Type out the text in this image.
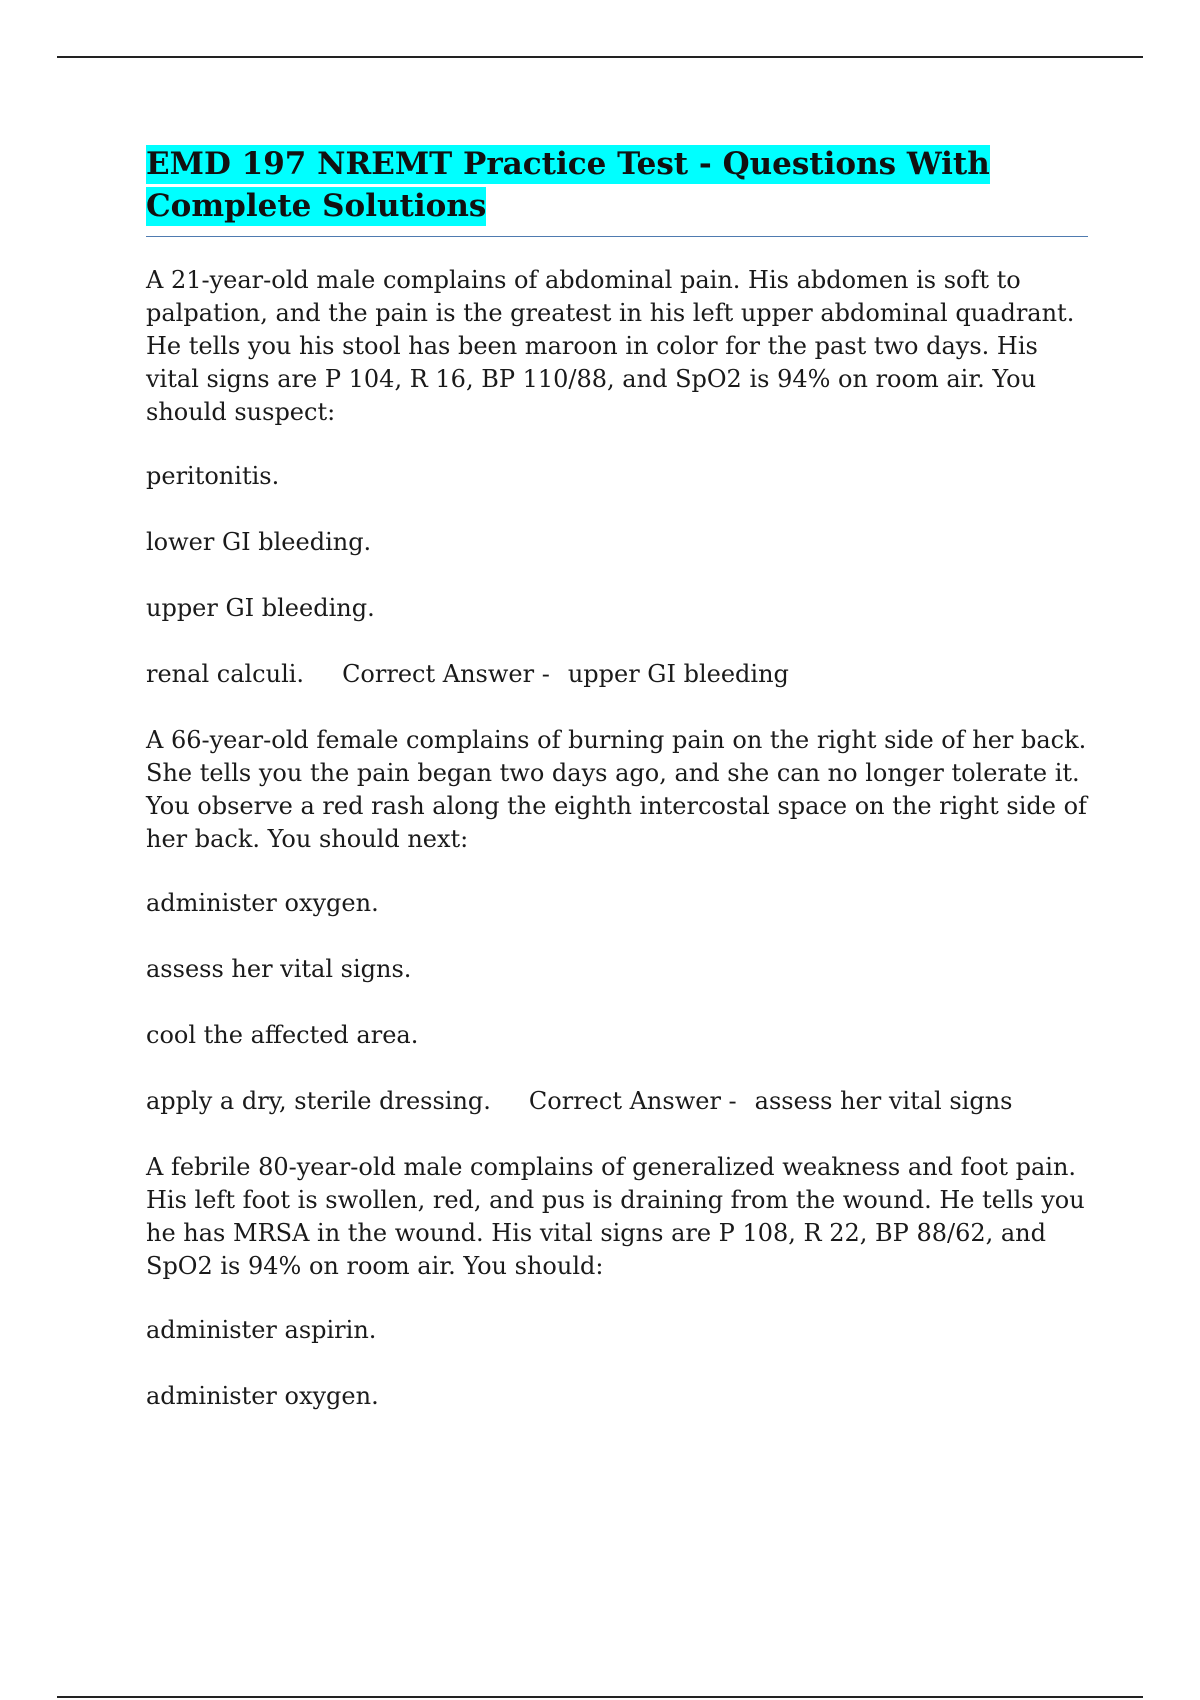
EMD 197 NREMT Practice Test - Questions With Complete Solutions

A 21-year-old male complains of abdominal pain. His abdomen is soft to palpation, and the pain is the greatest in his left upper abdominal quadrant. He tells you his stool has been maroon in color for the past two days. His vital signs are P 104, R 16, BP 110/88, and SpO2 is 94% on room air. You should suspect:

peritonitis.

lower GI bleeding.

upper GI bleeding.

renal calculi. Correct Answer - upper GI bleeding

A 66-year-old female complains of burning pain on the right side of her back. She tells you the pain began two days ago, and she can no longer tolerate it. You observe a red rash along the eighth intercostal space on the right side of her back. You should next:

administer oxygen.

assess her vital signs.

cool the affected area.

apply a dry, sterile dressing. Correct Answer - assess her vital signs

A febrile 80-year-old male complains of generalized weakness and foot pain. His left foot is swollen, red, and pus is draining from the wound. He tells you he has MRSA in the wound. His vital signs are P 108, R 22, BP 88/62, and SpO2 is 94% on room air. You should:

administer aspirin.

administer oxygen.
